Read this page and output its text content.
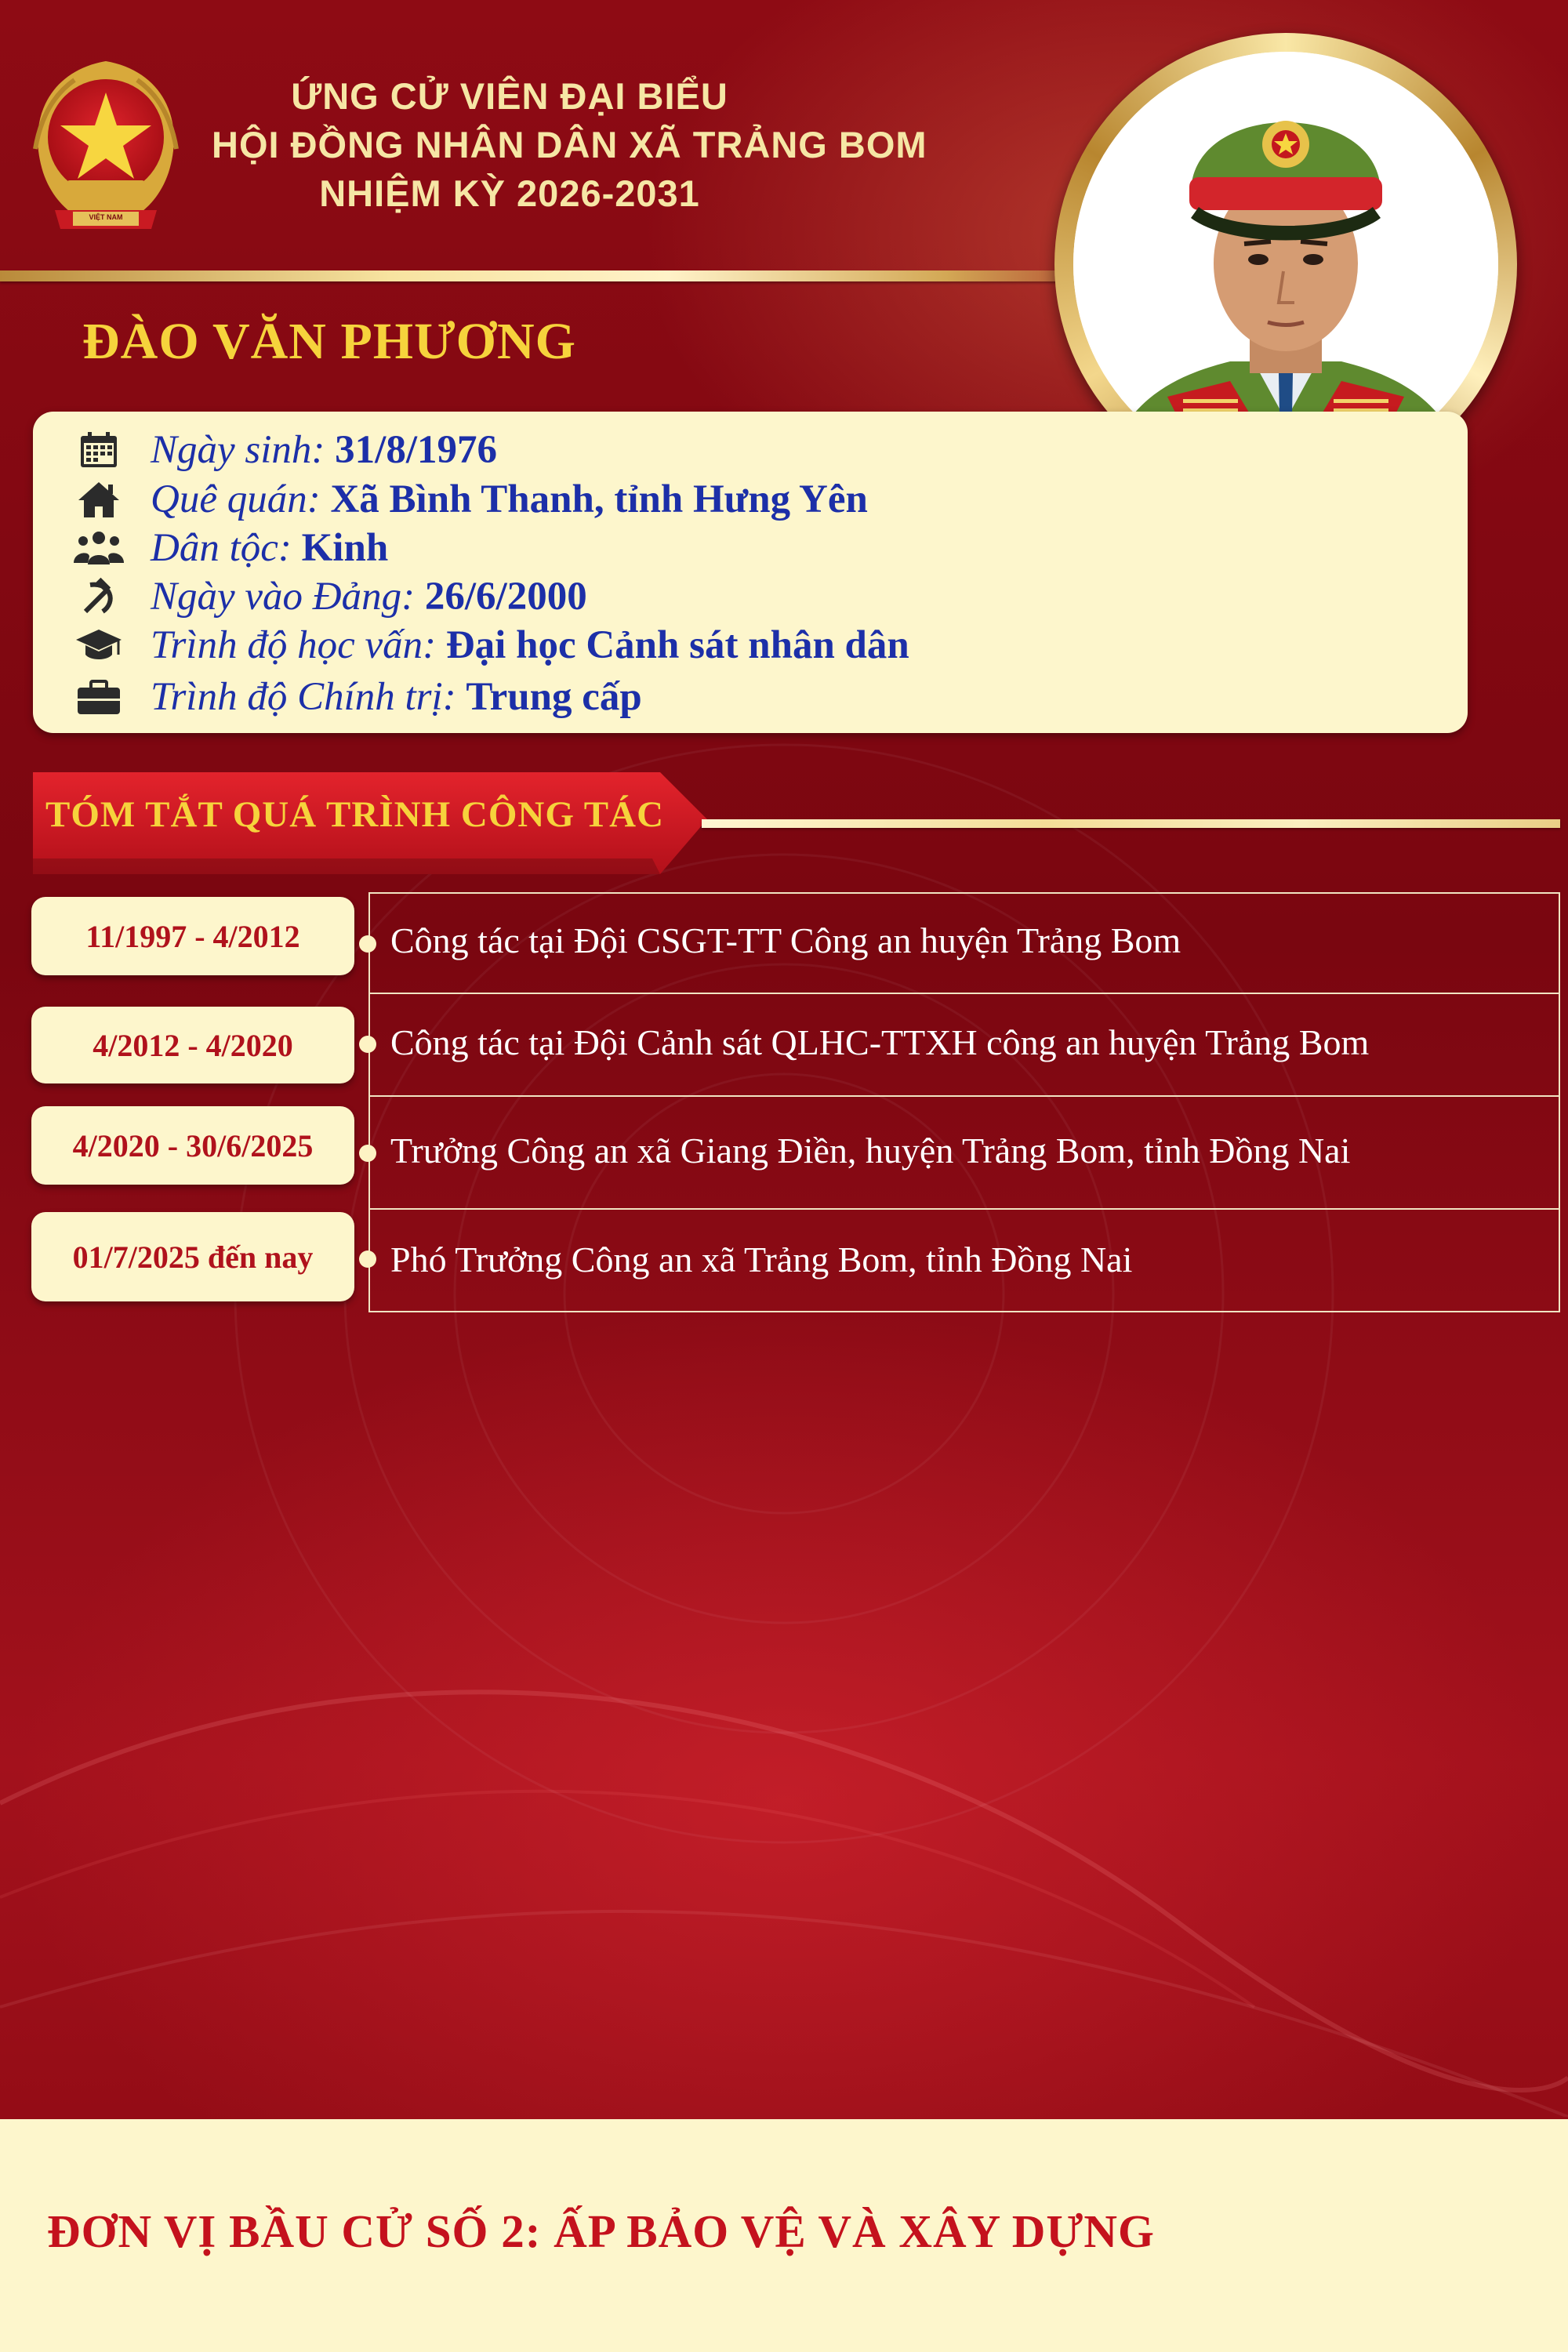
VIỆT NAM
ỨNG CỬ VIÊN ĐẠI BIỂU
HỘI ĐỒNG NHÂN DÂN XÃ TRẢNG BOM
NHIỆM KỲ 2026-2031
ĐÀO VĂN PHƯƠNG
Ngày sinh: 31/8/1976
Quê quán: Xã Bình Thanh, tỉnh Hưng Yên
Dân tộc: Kinh
Ngày vào Đảng: 26/6/2000
Trình độ học vấn: Đại học Cảnh sát nhân dân
Trình độ Chính trị: Trung cấp
TÓM TẮT QUÁ TRÌNH CÔNG TÁC
11/1997 - 4/2012	Công tác tại Đội CSGT-TT Công an huyện Trảng Bom
4/2012 - 4/2020	Công tác tại Đội Cảnh sát QLHC-TTXH công an huyện Trảng Bom
4/2020 - 30/6/2025	Trưởng Công an xã Giang Điền, huyện Trảng Bom, tỉnh Đồng Nai
01/7/2025 đến nay	Phó Trưởng Công an xã Trảng Bom, tỉnh Đồng Nai
ĐƠN VỊ BẦU CỬ SỐ 2: ẤP BẢO VỆ VÀ XÂY DỰNG
